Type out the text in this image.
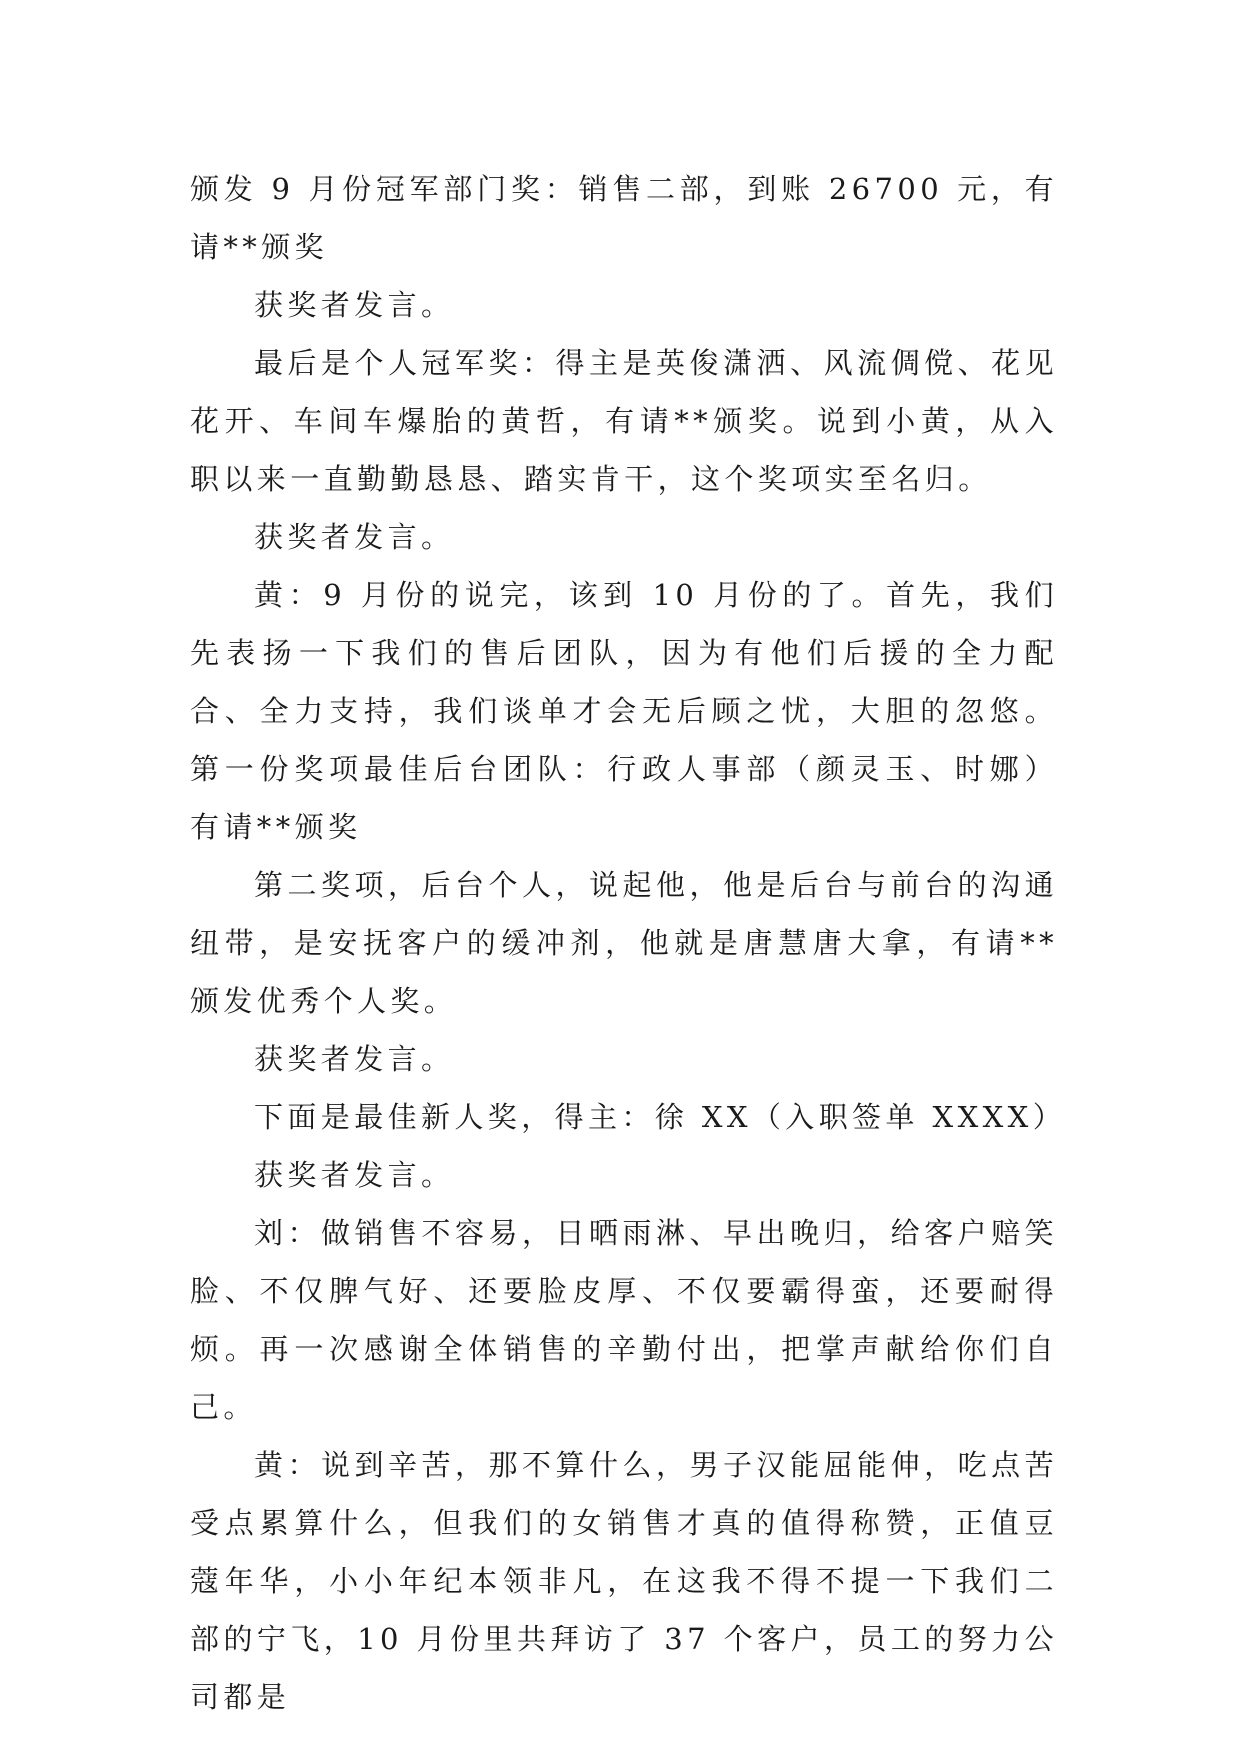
颁发 9 月份冠军部门奖：销售二部，到账 26700 元，有请**颁奖

获奖者发言。

最后是个人冠军奖：得主是英俊潇洒、风流倜傥、花见花开、车间车爆胎的黄哲，有请**颁奖。说到小黄，从入职以来一直勤勤恳恳、踏实肯干，这个奖项实至名归。

获奖者发言。

黄：9 月份的说完，该到 10 月份的了。首先，我们先表扬一下我们的售后团队，因为有他们后援的全力配合、全力支持，我们谈单才会无后顾之忧，大胆的忽悠。第一份奖项最佳后台团队：行政人事部（颜灵玉、时娜）有请**颁奖

第二奖项，后台个人，说起他，他是后台与前台的沟通纽带，是安抚客户的缓冲剂，他就是唐慧唐大拿，有请**颁发优秀个人奖。

获奖者发言。

下面是最佳新人奖，得主：徐 XX（入职签单 XXXX）

获奖者发言。

刘：做销售不容易，日晒雨淋、早出晚归，给客户赔笑脸、不仅脾气好、还要脸皮厚、不仅要霸得蛮，还要耐得烦。再一次感谢全体销售的辛勤付出，把掌声献给你们自己。

黄：说到辛苦，那不算什么，男子汉能屈能伸，吃点苦受点累算什么，但我们的女销售才真的值得称赞，正值豆蔻年华，小小年纪本领非凡，在这我不得不提一下我们二部的宁飞，10 月份里共拜访了 37 个客户，员工的努力公司都是
